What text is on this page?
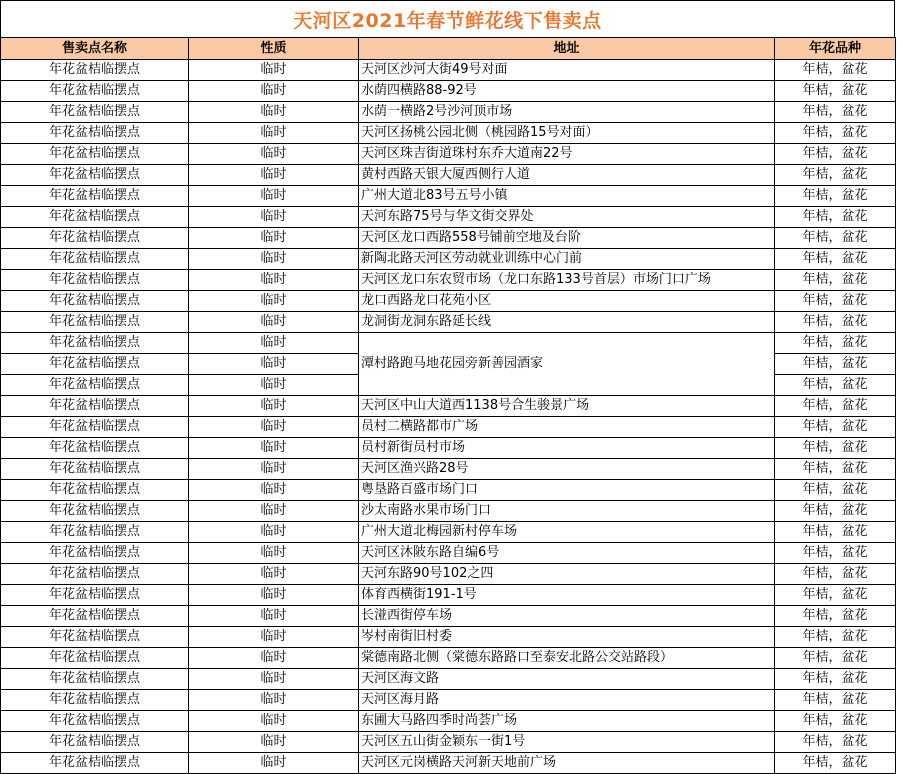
天河区2021年春节鲜花线下售卖点
售卖点名称	性质	地址	年花品种
年花盆桔临摆点	临时	天河区沙河大街49号对面	年桔，盆花
年花盆桔临摆点	临时	水荫四横路88-92号	年桔，盆花
年花盆桔临摆点	临时	水荫一横路2号沙河顶市场	年桔，盆花
年花盆桔临摆点	临时	天河区扬桃公园北侧（桃园路15号对面）	年桔，盆花
年花盆桔临摆点	临时	天河区珠吉街道珠村东乔大道南22号	年桔，盆花
年花盆桔临摆点	临时	黄村西路天银大厦西侧行人道	年桔，盆花
年花盆桔临摆点	临时	广州大道北83号五号小镇	年桔，盆花
年花盆桔临摆点	临时	天河东路75号与华文街交界处	年桔，盆花
年花盆桔临摆点	临时	天河区龙口西路558号铺前空地及台阶	年桔，盆花
年花盆桔临摆点	临时	新陶北路天河区劳动就业训练中心门前	年桔，盆花
年花盆桔临摆点	临时	天河区龙口东农贸市场（龙口东路133号首层）市场门口广场	年桔，盆花
年花盆桔临摆点	临时	龙口西路龙口花苑小区	年桔，盆花
年花盆桔临摆点	临时	龙洞街龙洞东路延长线	年桔，盆花
年花盆桔临摆点	临时	潭村路跑马地花园旁新善园酒家	年桔，盆花
年花盆桔临摆点	临时		年桔，盆花
年花盆桔临摆点	临时		年桔，盆花
年花盆桔临摆点	临时	天河区中山大道西1138号合生骏景广场	年桔，盆花
年花盆桔临摆点	临时	员村二横路都市广场	年桔，盆花
年花盆桔临摆点	临时	员村新街员村市场	年桔，盆花
年花盆桔临摆点	临时	天河区渔兴路28号	年桔，盆花
年花盆桔临摆点	临时	粤垦路百盛市场门口	年桔，盆花
年花盆桔临摆点	临时	沙太南路水果市场门口	年桔，盆花
年花盆桔临摆点	临时	广州大道北梅园新村停车场	年桔，盆花
年花盆桔临摆点	临时	天河区沐陂东路自编6号	年桔，盆花
年花盆桔临摆点	临时	天河东路90号102之四	年桔，盆花
年花盆桔临摆点	临时	体育西横街191-1号	年桔，盆花
年花盆桔临摆点	临时	长湴西街停车场	年桔，盆花
年花盆桔临摆点	临时	岑村南街旧村委	年桔，盆花
年花盆桔临摆点	临时	棠德南路北侧（棠德东路路口至泰安北路公交站路段）	年桔，盆花
年花盆桔临摆点	临时	天河区海文路	年桔，盆花
年花盆桔临摆点	临时	天河区海月路	年桔，盆花
年花盆桔临摆点	临时	东圃大马路四季时尚荟广场	年桔，盆花
年花盆桔临摆点	临时	天河区五山街金颖东一街1号	年桔，盆花
年花盆桔临摆点	临时	天河区元岗横路天河新天地前广场	年桔，盆花
